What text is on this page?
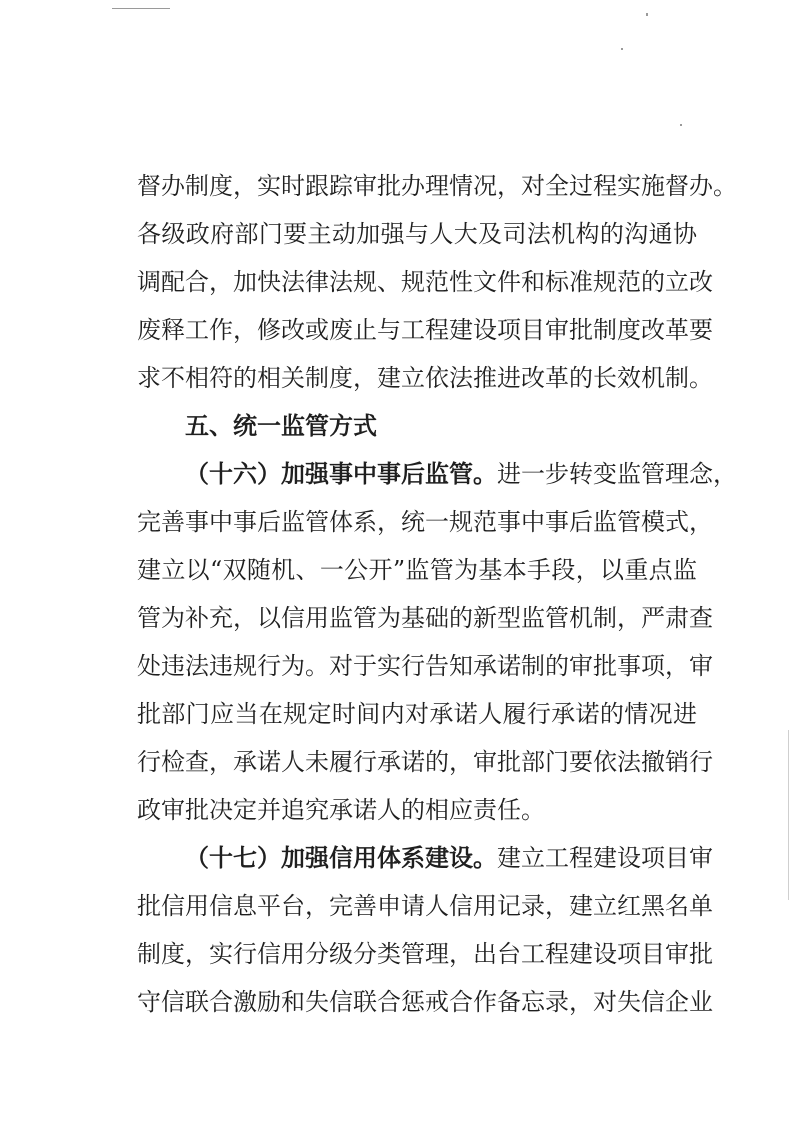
督办制度，实时跟踪审批办理情况，对全过程实施督办。
各级政府部门要主动加强与人大及司法机构的沟通协
调配合，加快法律法规、规范性文件和标准规范的立改
废释工作，修改或废止与工程建设项目审批制度改革要
求不相符的相关制度，建立依法推进改革的长效机制。
五、统一监管方式
（十六）加强事中事后监管。进一步转变监管理念，
完善事中事后监管体系，统一规范事中事后监管模式，
建立以“双随机、一公开”监管为基本手段，以重点监
管为补充，以信用监管为基础的新型监管机制，严肃查
处违法违规行为。对于实行告知承诺制的审批事项，审
批部门应当在规定时间内对承诺人履行承诺的情况进
行检查，承诺人未履行承诺的，审批部门要依法撤销行
政审批决定并追究承诺人的相应责任。
（十七）加强信用体系建设。建立工程建设项目审
批信用信息平台，完善申请人信用记录，建立红黑名单
制度，实行信用分级分类管理，出台工程建设项目审批
守信联合激励和失信联合惩戒合作备忘录，对失信企业
